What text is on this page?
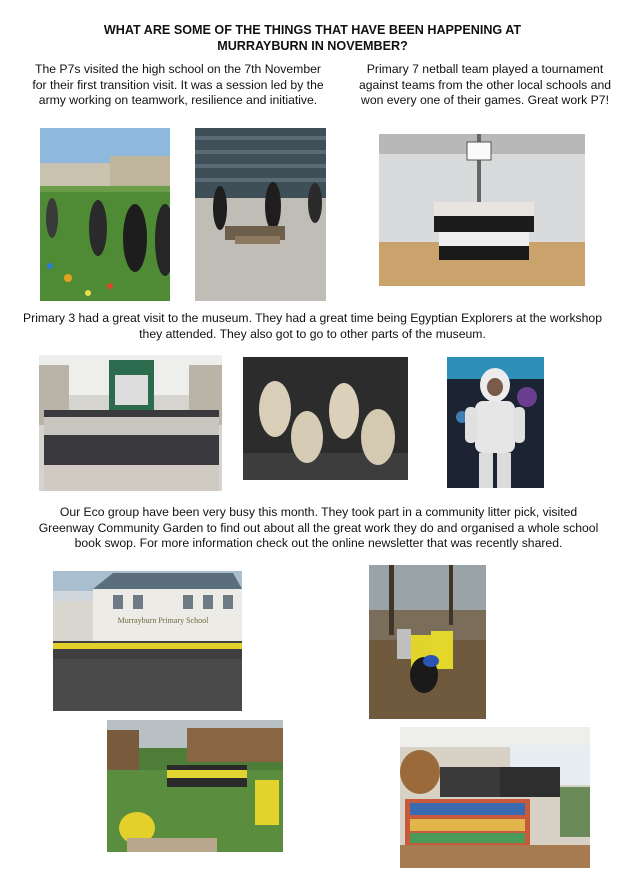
WHAT ARE SOME OF THE THINGS THAT HAVE BEEN HAPPENING AT MURRAYBURN IN NOVEMBER?

The P7s visited the high school on the 7th November for their first transition visit. It was a session led by the army working on teamwork, resilience and initiative.

Primary 7 netball team played a tournament against teams from the other local schools and won every one of their games. Great work P7!

Primary 3 had a great visit to the museum. They had a great time being Egyptian Explorers at the workshop they attended. They also got to go to other parts of the museum.

Our Eco group have been very busy this month. They took part in a community litter pick, visited Greenway Community Garden to find out about all the great work they do and organised a whole school book swop. For more information check out the online newsletter that was recently shared.

Murrayburn Primary School
